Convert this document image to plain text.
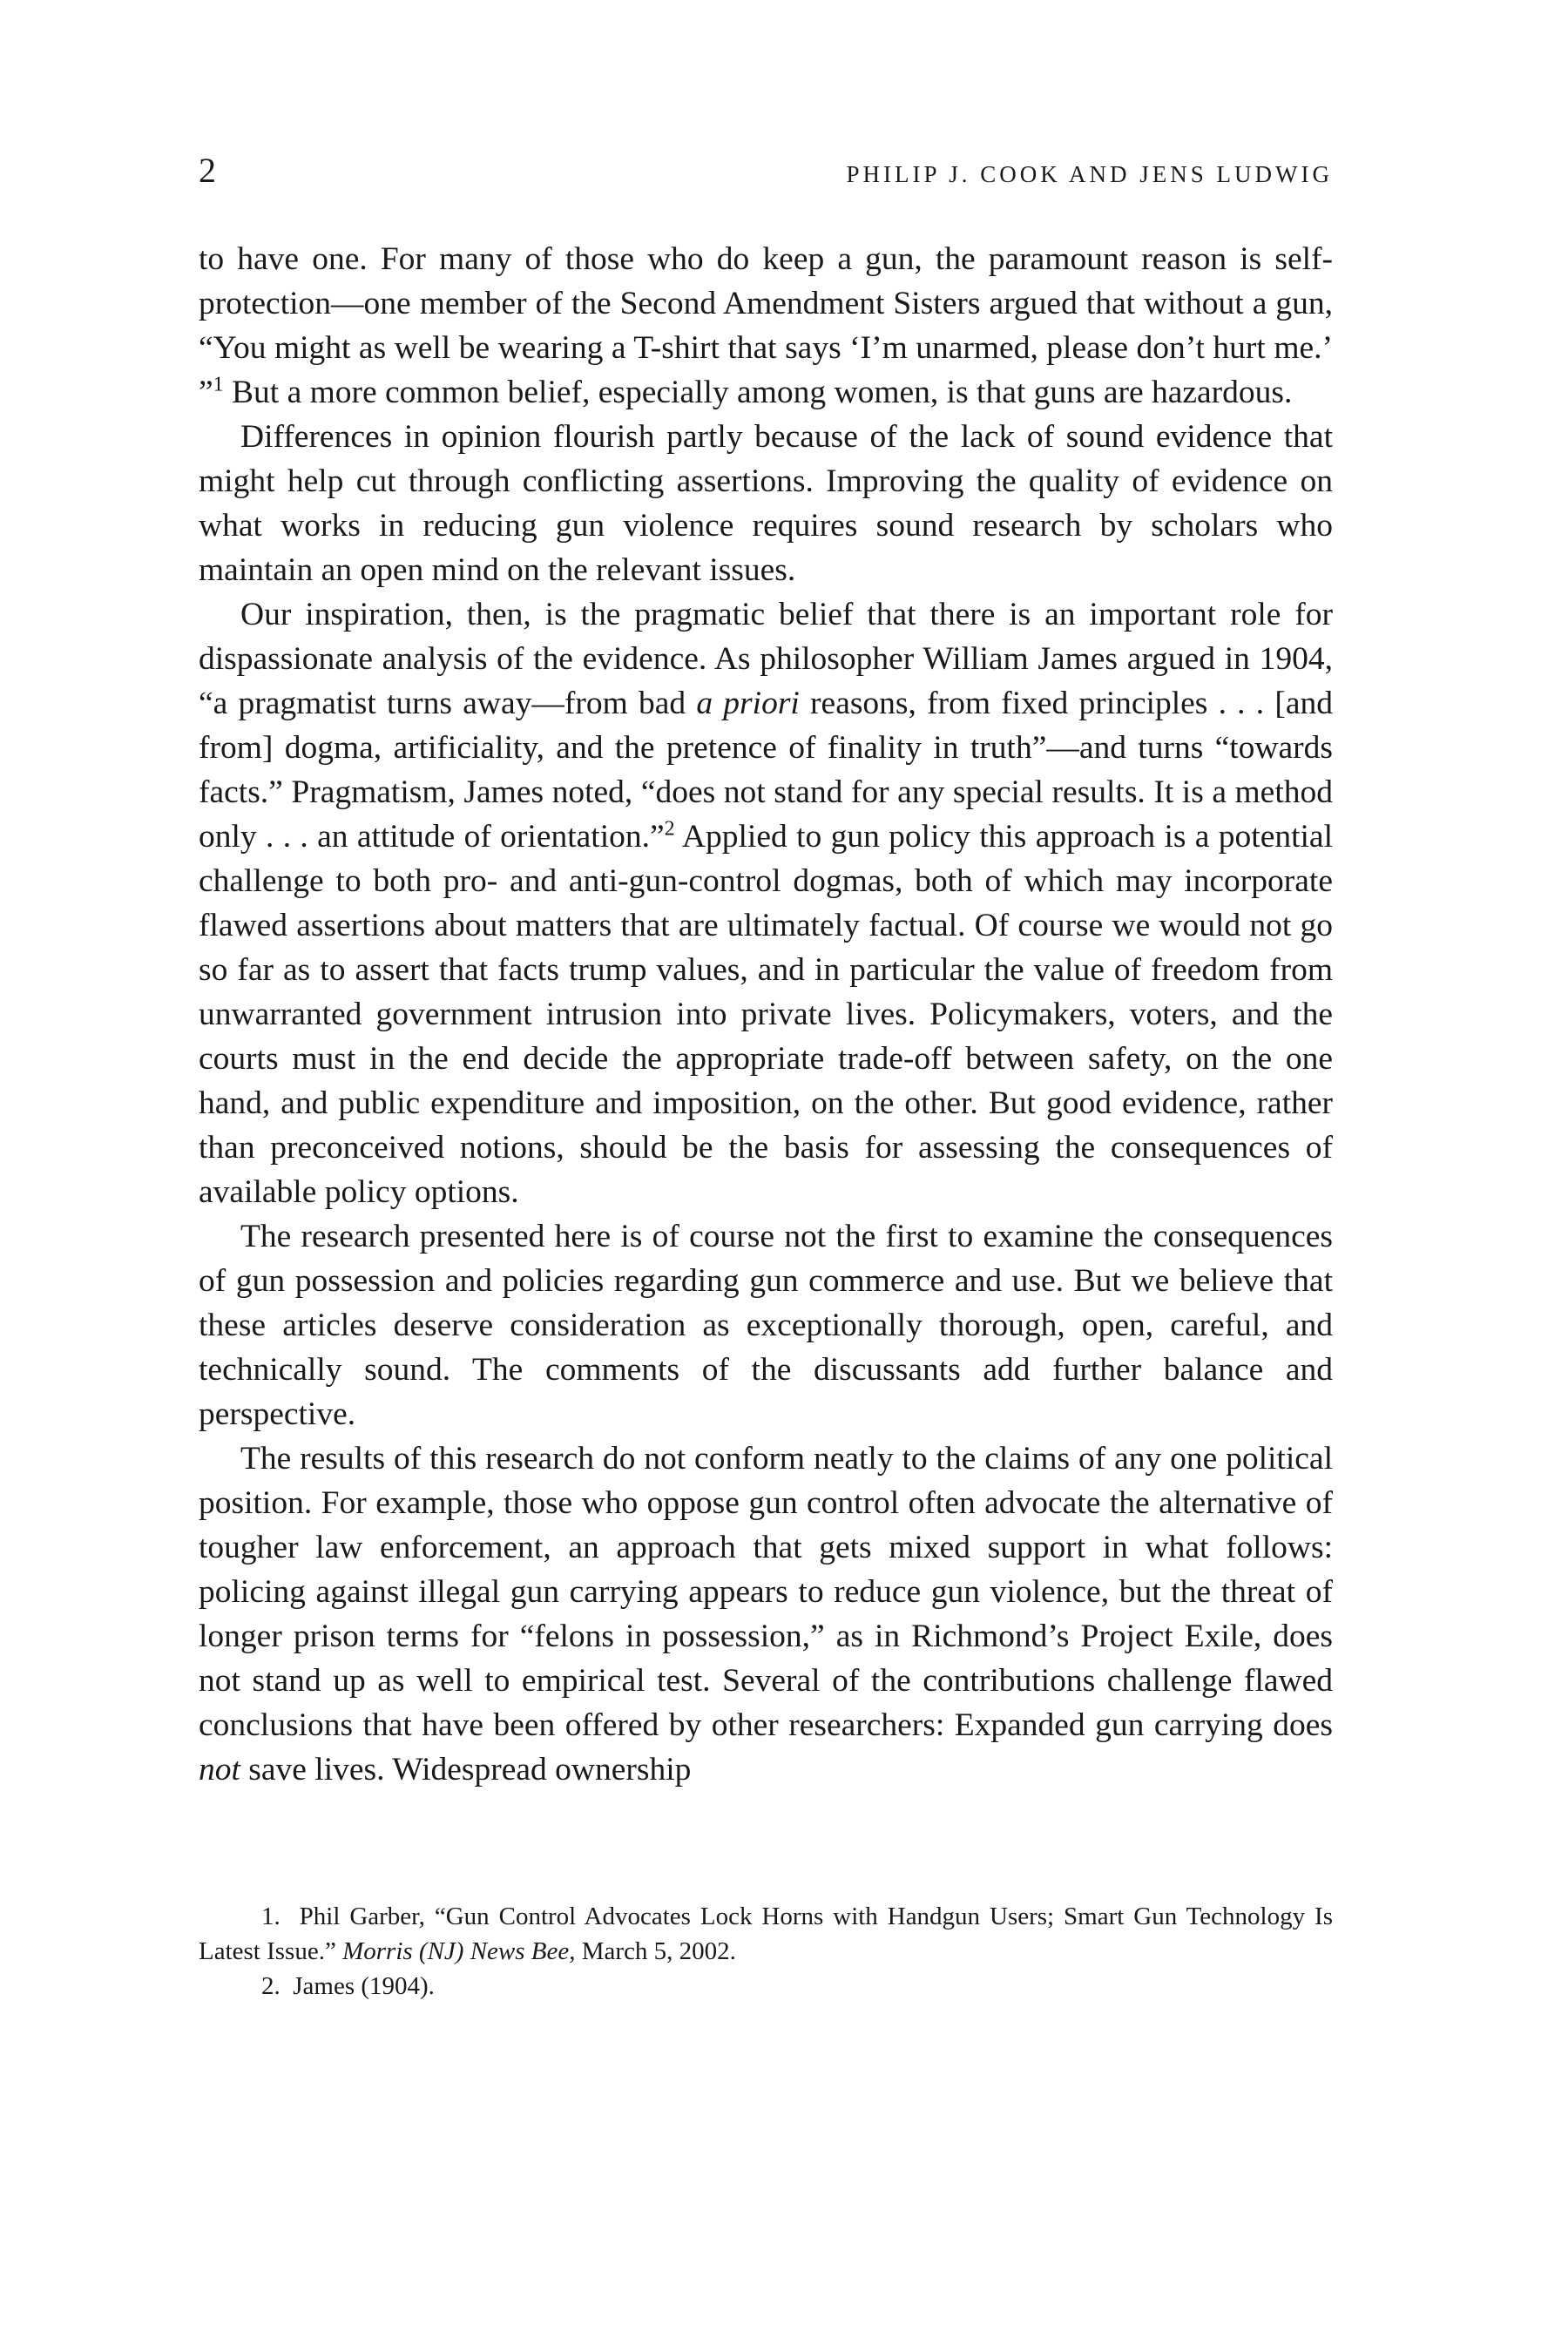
2	PHILIP J. COOK AND JENS LUDWIG

to have one. For many of those who do keep a gun, the paramount reason is self-protection—one member of the Second Amendment Sisters argued that without a gun, “You might as well be wearing a T-shirt that says ‘I’m unarmed, please don’t hurt me.’ ”$^1$ But a more common belief, especially among women, is that guns are hazardous.

Differences in opinion flourish partly because of the lack of sound evidence that might help cut through conflicting assertions. Improving the quality of evidence on what works in reducing gun violence requires sound research by scholars who maintain an open mind on the relevant issues.

Our inspiration, then, is the pragmatic belief that there is an important role for dispassionate analysis of the evidence. As philosopher William James argued in 1904, “a pragmatist turns away—from bad a priori reasons, from fixed principles . . . [and from] dogma, artificiality, and the pretence of finality in truth”—and turns “towards facts.” Pragmatism, James noted, “does not stand for any special results. It is a method only . . . an attitude of orientation.”$^2$ Applied to gun policy this approach is a potential challenge to both pro- and anti-gun-control dogmas, both of which may incorporate flawed assertions about matters that are ultimately factual. Of course we would not go so far as to assert that facts trump values, and in particular the value of freedom from unwarranted government intrusion into private lives. Policymakers, voters, and the courts must in the end decide the appropriate trade-off between safety, on the one hand, and public expenditure and imposition, on the other. But good evidence, rather than preconceived notions, should be the basis for assessing the consequences of available policy options.

The research presented here is of course not the first to examine the consequences of gun possession and policies regarding gun commerce and use. But we believe that these articles deserve consideration as exceptionally thorough, open, careful, and technically sound. The comments of the discussants add further balance and perspective.

The results of this research do not conform neatly to the claims of any one political position. For example, those who oppose gun control often advocate the alternative of tougher law enforcement, an approach that gets mixed support in what follows: policing against illegal gun carrying appears to reduce gun violence, but the threat of longer prison terms for “felons in possession,” as in Richmond’s Project Exile, does not stand up as well to empirical test. Several of the contributions challenge flawed conclusions that have been offered by other researchers: Expanded gun carrying does not save lives. Widespread ownership

1.  Phil Garber, “Gun Control Advocates Lock Horns with Handgun Users; Smart Gun Technology Is Latest Issue.” Morris (NJ) News Bee, March 5, 2002.

2.  James (1904).
